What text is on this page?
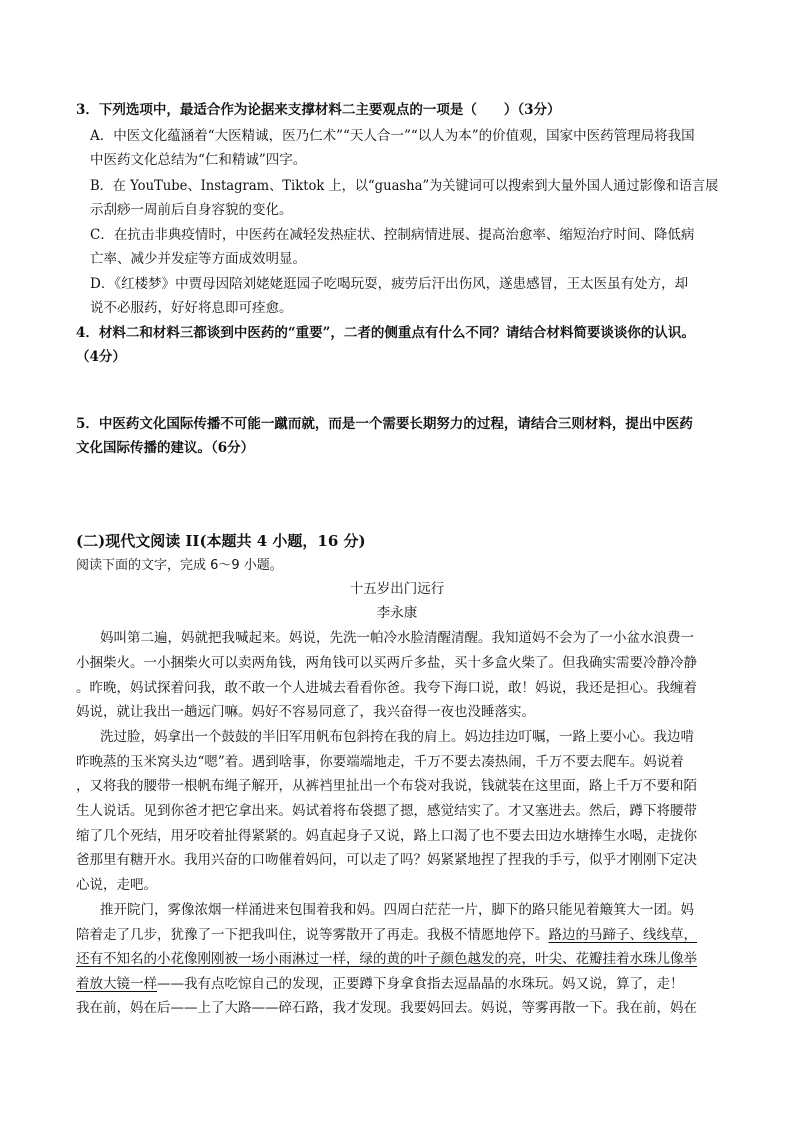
3．下列选项中，最适合作为论据来支撑材料二主要观点的一项是（　　）（3分）
A．中医文化蕴涵着“大医精诚，医乃仁术”“天人合一”“以人为本”的价值观，国家中医药管理局将我国
中医药文化总结为“仁和精诚”四字。
B．在 YouTube、Instagram、Tiktok 上，以“guasha”为关键词可以搜索到大量外国人通过影像和语言展
示刮痧一周前后自身容貌的变化。
C．在抗击非典疫情时，中医药在减轻发热症状、控制病情进展、提高治愈率、缩短治疗时间、降低病
亡率、减少并发症等方面成效明显。
D．《红楼梦》中贾母因陪刘姥姥逛园子吃喝玩耍，疲劳后汗出伤风，遂患感冒，王太医虽有处方，却
说不必服药，好好将息即可痊愈。
4．材料二和材料三都谈到中医药的“重要”，二者的侧重点有什么不同？请结合材料简要谈谈你的认识。
（4分）
5．中医药文化国际传播不可能一蹴而就，而是一个需要长期努力的过程，请结合三则材料，提出中医药
文化国际传播的建议。（6分）
(二)现代文阅读 II(本题共 4 小题，16 分)
阅读下面的文字，完成 6～9 小题。
十五岁出门远行
李永康
妈叫第二遍，妈就把我喊起来。妈说，先洗一帕冷水脸清醒清醒。我知道妈不会为了一小盆水浪费一
小捆柴火。一小捆柴火可以卖两角钱，两角钱可以买两斤多盐，买十多盒火柴了。但我确实需要冷静冷静
。昨晚，妈试探着问我，敢不敢一个人进城去看看你爸。我夸下海口说，敢！妈说，我还是担心。我缠着
妈说，就让我出一趟远门嘛。妈好不容易同意了，我兴奋得一夜也没睡落实。
洗过脸，妈拿出一个鼓鼓的半旧军用帆布包斜挎在我的肩上。妈边挂边叮嘱，一路上要小心。我边啃
昨晚蒸的玉米窝头边“嗯”着。遇到啥事，你要端端地走，千万不要去凑热闹，千万不要去爬车。妈说着
，又将我的腰带一根帆布绳子解开，从裤裆里扯出一个布袋对我说，钱就装在这里面，路上千万不要和陌
生人说话。见到你爸才把它拿出来。妈试着将布袋摁了摁，感觉结实了。才又塞进去。然后，蹲下将腰带
缩了几个死结，用牙咬着扯得紧紧的。妈直起身子又说，路上口渴了也不要去田边水塘捧生水喝，走拢你
爸那里有糖开水。我用兴奋的口吻催着妈问，可以走了吗？妈紧紧地捏了捏我的手亏，似乎才刚刚下定决
心说，走吧。
推开院门，雾像浓烟一样涌进来包围着我和妈。四周白茫茫一片，脚下的路只能见着簸箕大一团。妈
陪着走了几步，犹豫了一下把我叫住，说等雾散开了再走。我极不情愿地停下。路边的马蹄子、线线草，
还有不知名的小花像刚刚被一场小雨淋过一样，绿的黄的叶子颜色越发的亮，叶尖、花瓣挂着水珠儿像举
着放大镜一样——我有点吃惊自己的发现，正要蹲下身拿食指去逗晶晶的水珠玩。妈又说，算了，走！
我在前，妈在后——上了大路——碎石路，我才发现。我要妈回去。妈说，等雾再散一下。我在前，妈在
